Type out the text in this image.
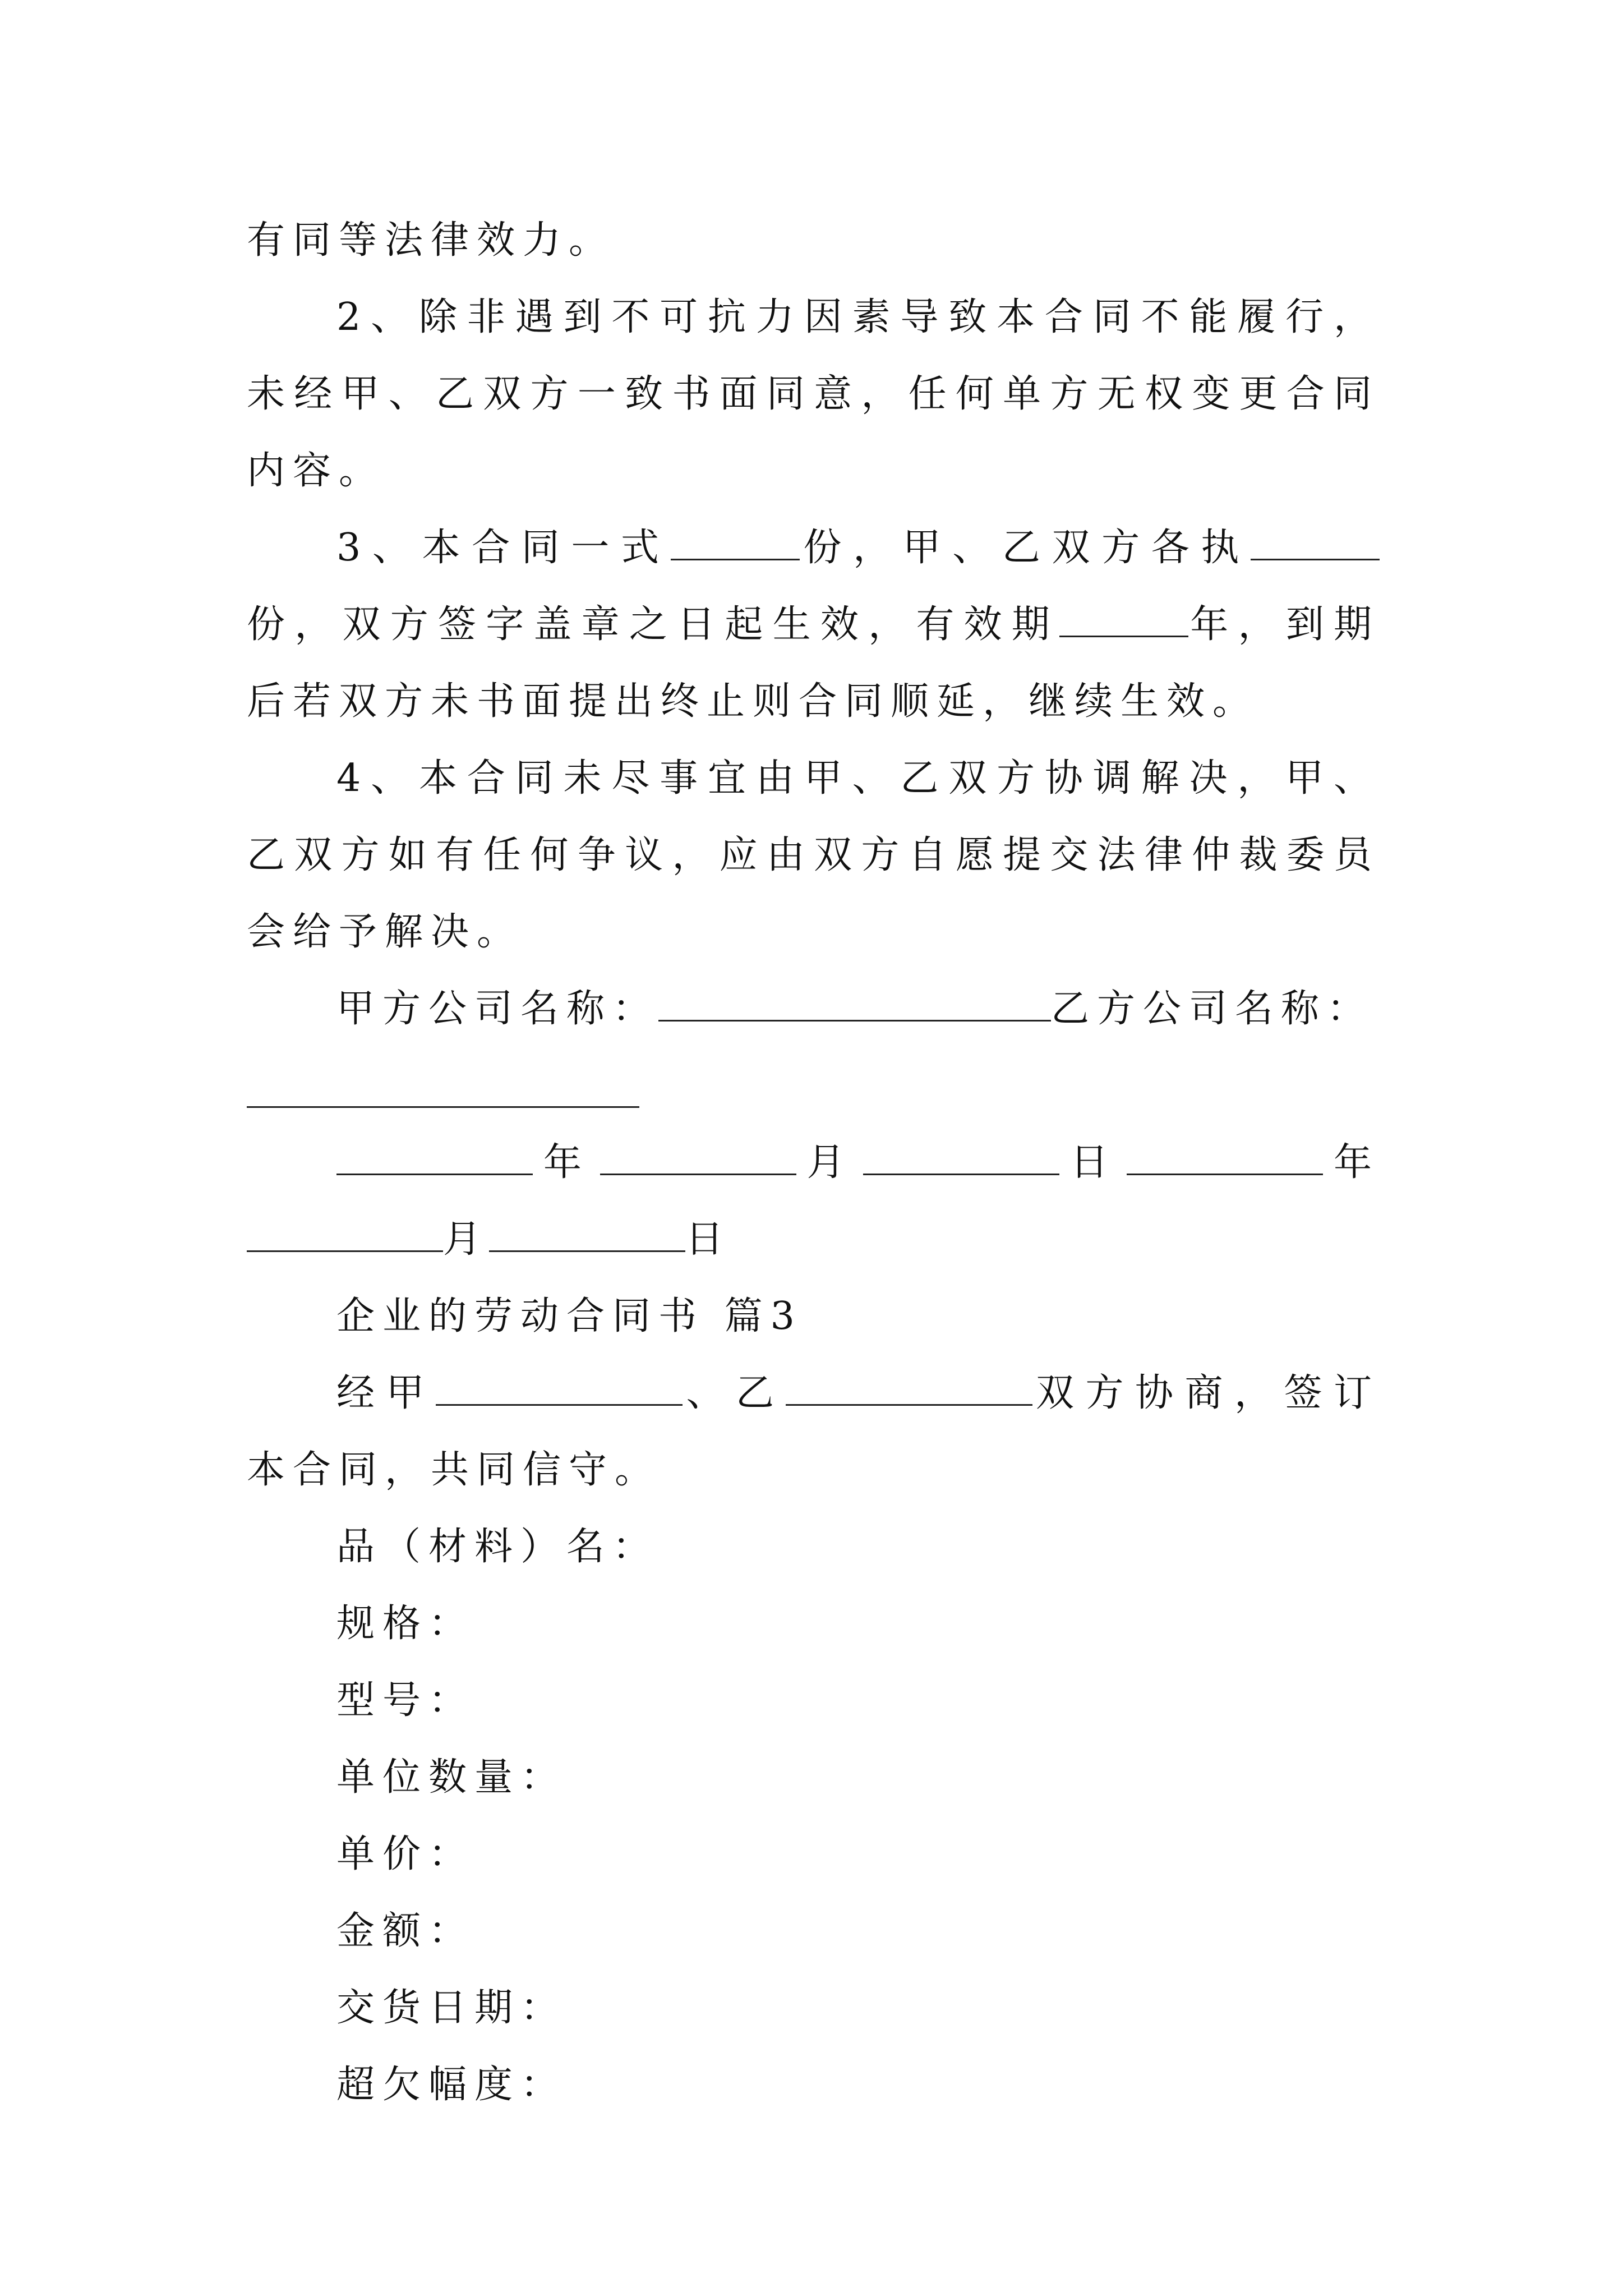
有同等法律效力。

2、除非遇到不可抗力因素导致本合同不能履行，未经甲、乙双方一致书面同意，任何单方无权变更合同内容。

3、本合同一式	份，甲、乙双方各执份，双方签字盖章之日起生效，有效期	年，到期后若双方未书面提出终止则合同顺延，继续生效。

4、本合同未尽事宜由甲、乙双方协调解决，甲、乙双方如有任何争议，应由双方自愿提交法律仲裁委员会给予解决。

甲方公司名称：	乙方公司名称：

年	月	日	年月	日

企业的劳动合同书 篇3

经甲	、乙	双方协商，签订本合同，共同信守。

品（材料）名：

规格：

型号：

单位数量：

单价：

金额：

交货日期：

超欠幅度：
